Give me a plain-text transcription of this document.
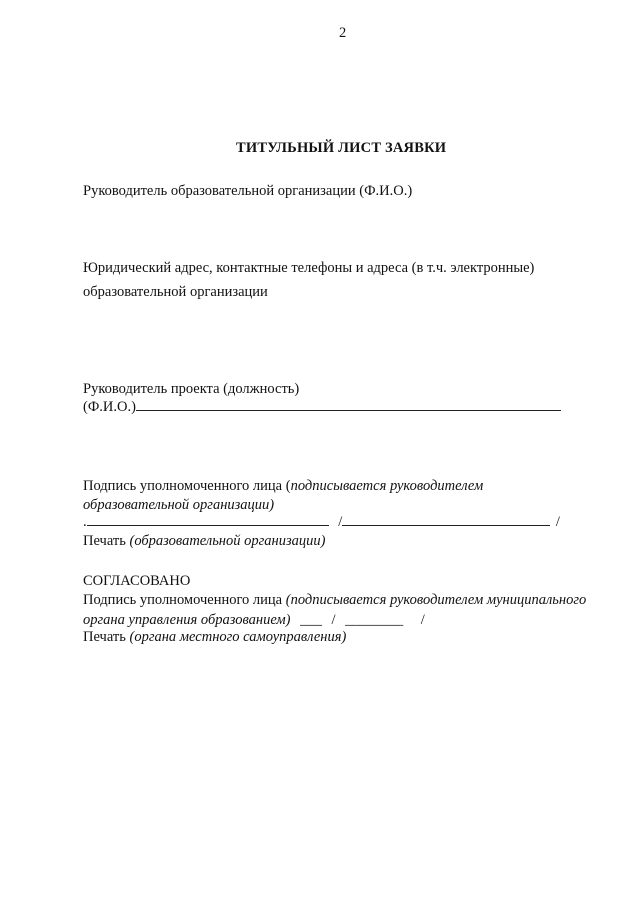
2
ТИТУЛЬНЫЙ ЛИСТ ЗАЯВКИ
Руководитель образовательной организации (Ф.И.О.)
Юридический адрес, контактные телефоны и адреса (в т.ч. электронные)
образовательной организации
Руководитель проекта (должность)
(Ф.И.О.)
Подпись уполномоченного лица (подписывается руководителем
образовательной организации)
.	/	/
Печать (образовательной организации)
СОГЛАСОВАНО
Подпись уполномоченного лица (подписывается руководителем муниципального
органа управления образованием) ___ / ________ /
Печать (органа местного самоуправления)
